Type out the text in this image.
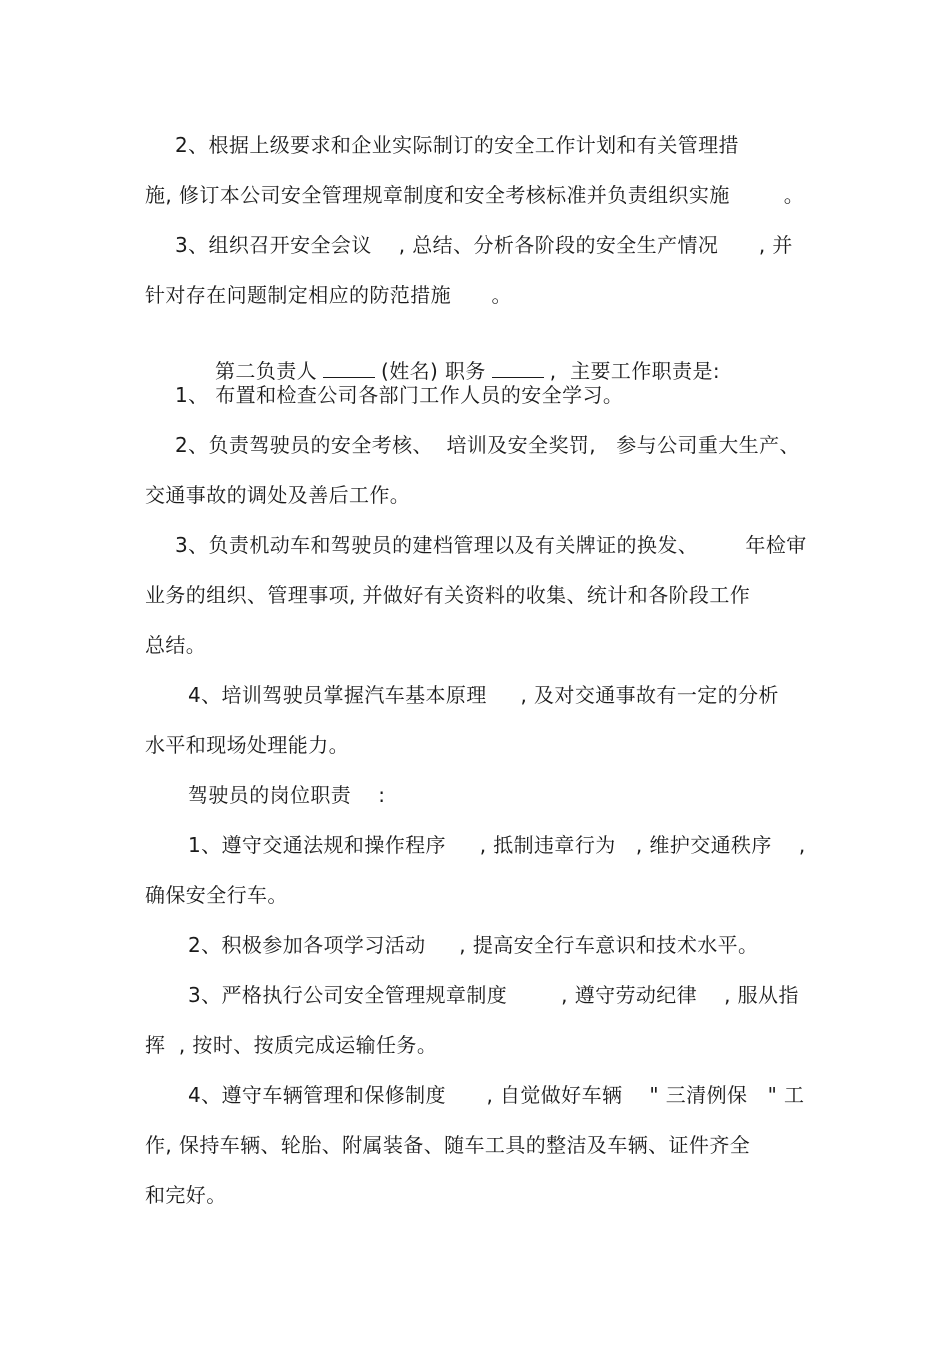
2、根据上级要求和企业实际制订的安全工作计划和有关管理措
施, 修订本公司安全管理规章制度和安全考核标准并负责组织实施        。
3、组织召开安全会议    , 总结、分析各阶段的安全生产情况      , 并
针对存在问题制定相应的防范措施      。

第二负责人	(姓名) 职务	,  主要工作职责是:

1、 布置和检查公司各部门工作人员的安全学习。
2、负责驾驶员的安全考核、  培训及安全奖罚,   参与公司重大生产、
交通事故的调处及善后工作。
3、负责机动车和驾驶员的建档管理以及有关牌证的换发、       年检审
业务的组织、管理事项, 并做好有关资料的收集、统计和各阶段工作
总结。
4、培训驾驶员掌握汽车基本原理     , 及对交通事故有一定的分析
水平和现场处理能力。
驾驶员的岗位职责    :
1、遵守交通法规和操作程序     , 抵制违章行为   , 维护交通秩序    ,
确保安全行车。
2、积极参加各项学习活动     , 提高安全行车意识和技术水平。
3、严格执行公司安全管理规章制度        , 遵守劳动纪律    , 服从指
挥  , 按时、按质完成运输任务。
4、遵守车辆管理和保修制度      , 自觉做好车辆    " 三清例保   " 工
作, 保持车辆、轮胎、附属装备、随车工具的整洁及车辆、证件齐全
和完好。
